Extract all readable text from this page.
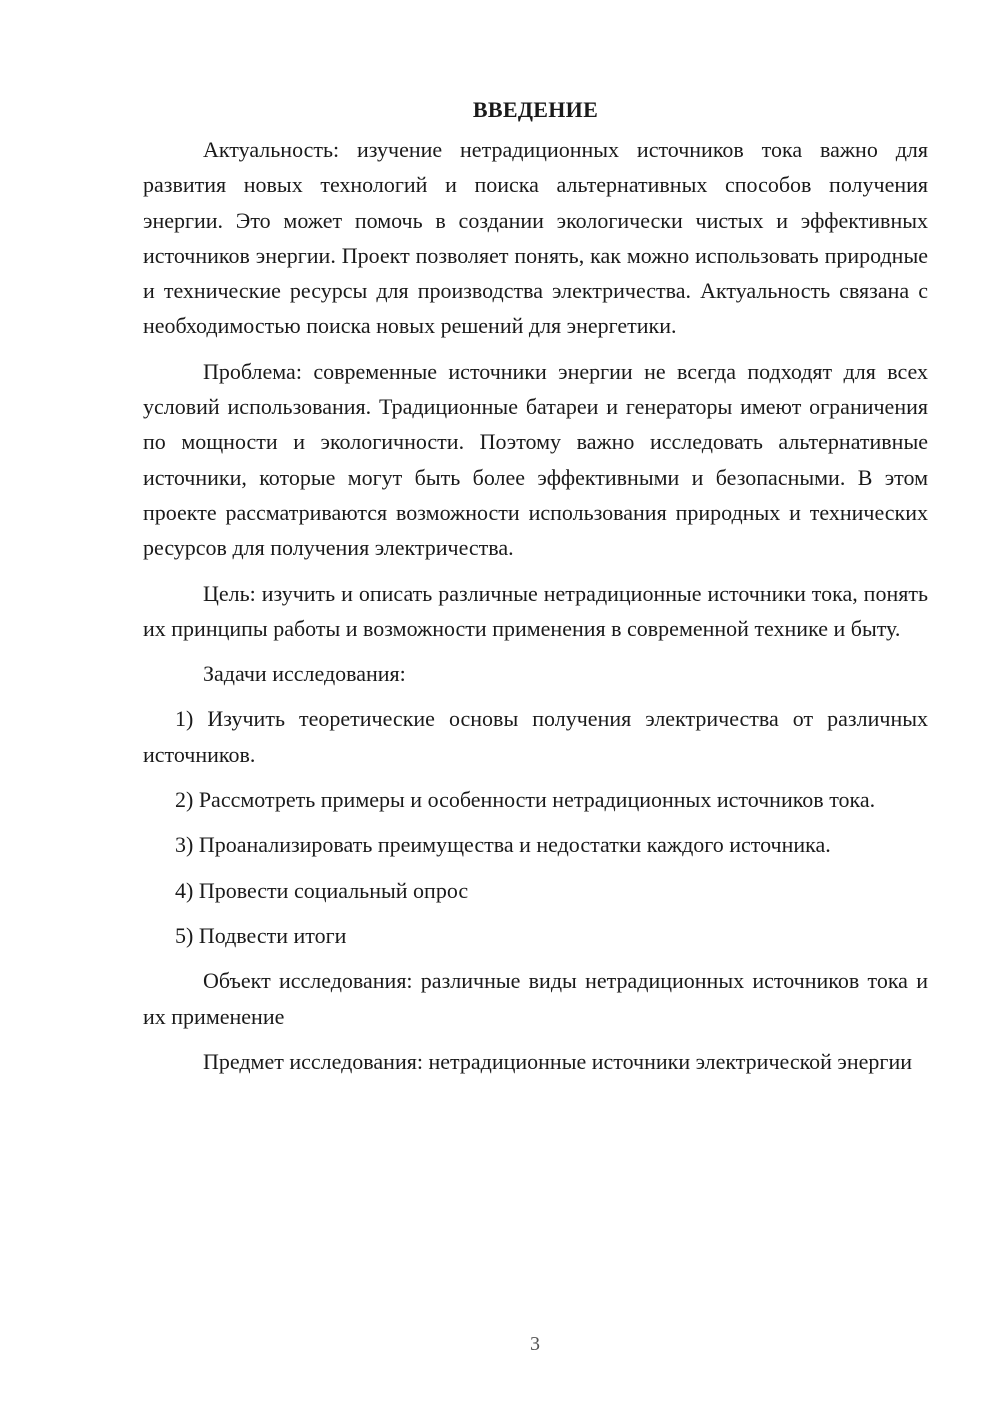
ВВЕДЕНИЕ

Актуальность: изучение нетрадиционных источников тока важно для развития новых технологий и поиска альтернативных способов получения энергии. Это может помочь в создании экологически чистых и эффективных источников энергии. Проект позволяет понять, как можно использовать природные и технические ресурсы для производства электричества. Актуальность связана с необходимостью поиска новых решений для энергетики.

Проблема: современные источники энергии не всегда подходят для всех условий использования. Традиционные батареи и генераторы имеют ограничения по мощности и экологичности. Поэтому важно исследовать альтернативные источники, которые могут быть более эффективными и безопасными. В этом проекте рассматриваются возможности использования природных и технических ресурсов для получения электричества.

Цель: изучить и описать различные нетрадиционные источники тока, понять их принципы работы и возможности применения в современной технике и быту.

Задачи исследования:

1) Изучить теоретические основы получения электричества от различных источников.

2) Рассмотреть примеры и особенности нетрадиционных источников тока.

3) Проанализировать преимущества и недостатки каждого источника.

4) Провести социальный опрос

5) Подвести итоги

Объект исследования: различные виды нетрадиционных источников тока и их применение

Предмет исследования: нетрадиционные источники электрической энергии

3
